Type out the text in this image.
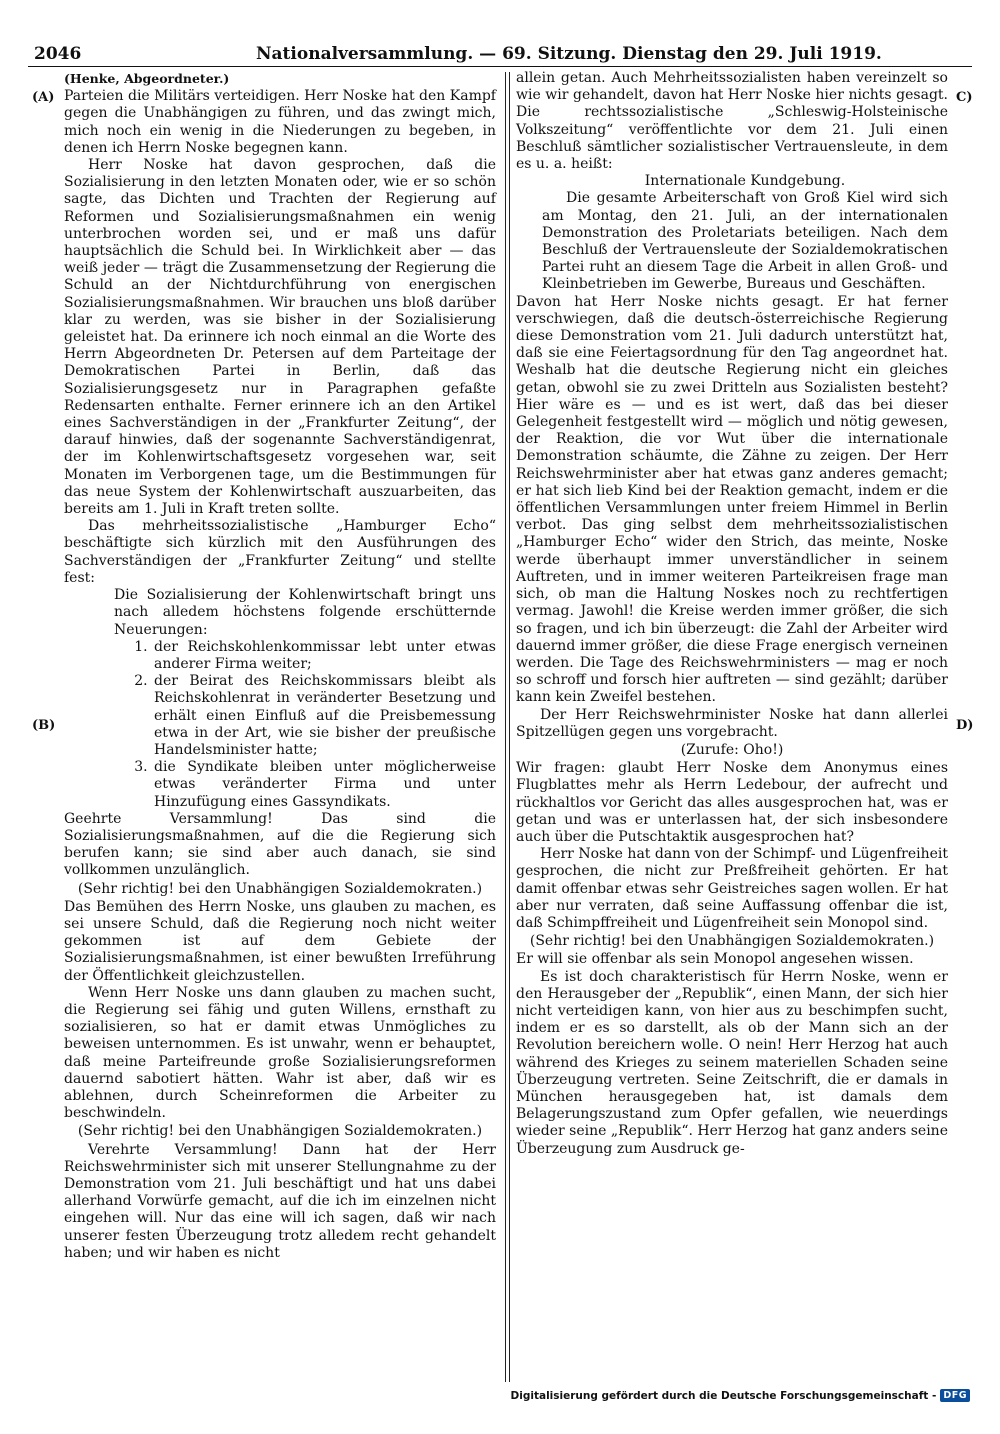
2046	Nationalversammlung. — 69. Sitzung. Dienstag den 29. Juli 1919.
(A)
(B)
C)
D)

(Henke, Abgeordneter.)

Parteien die Militärs verteidigen. Herr Noske hat den Kampf gegen die Unabhängigen zu führen, und das zwingt mich, mich noch ein wenig in die Niederungen zu begeben, in denen ich Herrn Noske begegnen kann.

Herr Noske hat davon gesprochen, daß die Sozialisierung in den letzten Monaten oder, wie er so schön sagte, das Dichten und Trachten der Regierung auf Reformen und Sozialisierungsmaßnahmen ein wenig unterbrochen worden sei, und er maß uns dafür hauptsächlich die Schuld bei. In Wirklichkeit aber — das weiß jeder — trägt die Zusammensetzung der Regierung die Schuld an der Nichtdurchführung von energischen Sozialisierungsmaßnahmen. Wir brauchen uns bloß darüber klar zu werden, was sie bisher in der Sozialisierung geleistet hat. Da erinnere ich noch einmal an die Worte des Herrn Abgeordneten Dr. Petersen auf dem Parteitage der Demokratischen Partei in Berlin, daß das Sozialisierungsgesetz nur in Paragraphen gefaßte Redensarten enthalte. Ferner erinnere ich an den Artikel eines Sachverständigen in der „Frankfurter Zeitung“, der darauf hinwies, daß der sogenannte Sachverständigenrat, der im Kohlenwirtschaftsgesetz vorgesehen war, seit Monaten im Verborgenen tage, um die Bestimmungen für das neue System der Kohlenwirtschaft auszuarbeiten, das bereits am 1. Juli in Kraft treten sollte.

Das mehrheitssozialistische „Hamburger Echo“ beschäftigte sich kürzlich mit den Ausführungen des Sachverständigen der „Frankfurter Zeitung“ und stellte fest:

Die Sozialisierung der Kohlenwirtschaft bringt uns nach alledem höchstens folgende erschütternde Neuerungen:

1. der Reichskohlenkommissar lebt unter etwas anderer Firma weiter;
2. der Beirat des Reichskommissars bleibt als Reichskohlenrat in veränderter Besetzung und erhält einen Einfluß auf die Preisbemessung etwa in der Art, wie sie bisher der preußische Handelsminister hatte;
3. die Syndikate bleiben unter möglicherweise etwas veränderter Firma und unter Hinzufügung eines Gassyndikats.

Geehrte Versammlung! Das sind die Sozialisierungsmaßnahmen, auf die die Regierung sich berufen kann; sie sind aber auch danach, sie sind vollkommen unzulänglich.

(Sehr richtig! bei den Unabhängigen Sozialdemokraten.)

Das Bemühen des Herrn Noske, uns glauben zu machen, es sei unsere Schuld, daß die Regierung noch nicht weiter gekommen ist auf dem Gebiete der Sozialisierungsmaßnahmen, ist einer bewußten Irreführung der Öffentlichkeit gleichzustellen.

Wenn Herr Noske uns dann glauben zu machen sucht, die Regierung sei fähig und guten Willens, ernsthaft zu sozialisieren, so hat er damit etwas Unmögliches zu beweisen unternommen. Es ist unwahr, wenn er behauptet, daß meine Parteifreunde große Sozialisierungsreformen dauernd sabotiert hätten. Wahr ist aber, daß wir es ablehnen, durch Scheinreformen die Arbeiter zu beschwindeln.

(Sehr richtig! bei den Unabhängigen Sozialdemokraten.)

Verehrte Versammlung! Dann hat der Herr Reichswehrminister sich mit unserer Stellungnahme zu der Demonstration vom 21. Juli beschäftigt und hat uns dabei allerhand Vorwürfe gemacht, auf die ich im einzelnen nicht eingehen will. Nur das eine will ich sagen, daß wir nach unserer festen Überzeugung trotz alledem recht gehandelt haben; und wir haben es nicht

allein getan. Auch Mehrheitssozialisten haben vereinzelt so wie wir gehandelt, davon hat Herr Noske hier nichts gesagt. Die rechtssozialistische „Schleswig-Holsteinische Volkszeitung“ veröffentlichte vor dem 21. Juli einen Beschluß sämtlicher sozialistischer Vertrauensleute, in dem es u. a. heißt:

Internationale Kundgebung.

Die gesamte Arbeiterschaft von Groß Kiel wird sich am Montag, den 21. Juli, an der internationalen Demonstration des Proletariats beteiligen. Nach dem Beschluß der Vertrauensleute der Sozialdemokratischen Partei ruht an diesem Tage die Arbeit in allen Groß- und Kleinbetrieben im Gewerbe, Bureaus und Geschäften.

Davon hat Herr Noske nichts gesagt. Er hat ferner verschwiegen, daß die deutsch-österreichische Regierung diese Demonstration vom 21. Juli dadurch unterstützt hat, daß sie eine Feiertagsordnung für den Tag angeordnet hat. Weshalb hat die deutsche Regierung nicht ein gleiches getan, obwohl sie zu zwei Dritteln aus Sozialisten besteht? Hier wäre es — und es ist wert, daß das bei dieser Gelegenheit festgestellt wird — möglich und nötig gewesen, der Reaktion, die vor Wut über die internationale Demonstration schäumte, die Zähne zu zeigen. Der Herr Reichswehrminister aber hat etwas ganz anderes gemacht; er hat sich lieb Kind bei der Reaktion gemacht, indem er die öffentlichen Versammlungen unter freiem Himmel in Berlin verbot. Das ging selbst dem mehrheitssozialistischen „Hamburger Echo“ wider den Strich, das meinte, Noske werde überhaupt immer unverständlicher in seinem Auftreten, und in immer weiteren Parteikreisen frage man sich, ob man die Haltung Noskes noch zu rechtfertigen vermag. Jawohl! die Kreise werden immer größer, die sich so fragen, und ich bin überzeugt: die Zahl der Arbeiter wird dauernd immer größer, die diese Frage energisch verneinen werden. Die Tage des Reichswehrministers — mag er noch so schroff und forsch hier auftreten — sind gezählt; darüber kann kein Zweifel bestehen.

Der Herr Reichswehrminister Noske hat dann allerlei Spitzellügen gegen uns vorgebracht.

(Zurufe: Oho!)

Wir fragen: glaubt Herr Noske dem Anonymus eines Flugblattes mehr als Herrn Ledebour, der aufrecht und rückhaltlos vor Gericht das alles ausgesprochen hat, was er getan und was er unterlassen hat, der sich insbesondere auch über die Putschtaktik ausgesprochen hat?

Herr Noske hat dann von der Schimpf- und Lügenfreiheit gesprochen, die nicht zur Preßfreiheit gehörten. Er hat damit offenbar etwas sehr Geistreiches sagen wollen. Er hat aber nur verraten, daß seine Auffassung offenbar die ist, daß Schimpffreiheit und Lügenfreiheit sein Monopol sind.

(Sehr richtig! bei den Unabhängigen Sozialdemokraten.)

Er will sie offenbar als sein Monopol angesehen wissen.

Es ist doch charakteristisch für Herrn Noske, wenn er den Herausgeber der „Republik“, einen Mann, der sich hier nicht verteidigen kann, von hier aus zu beschimpfen sucht, indem er es so darstellt, als ob der Mann sich an der Revolution bereichern wolle. O nein! Herr Herzog hat auch während des Krieges zu seinem materiellen Schaden seine Überzeugung vertreten. Seine Zeitschrift, die er damals in München herausgegeben hat, ist damals dem Belagerungszustand zum Opfer gefallen, wie neuerdings wieder seine „Republik“. Herr Herzog hat ganz anders seine Überzeugung zum Ausdruck ge-

Digitalisierung gefördert durch die Deutsche Forschungsgemeinschaft - DFG
